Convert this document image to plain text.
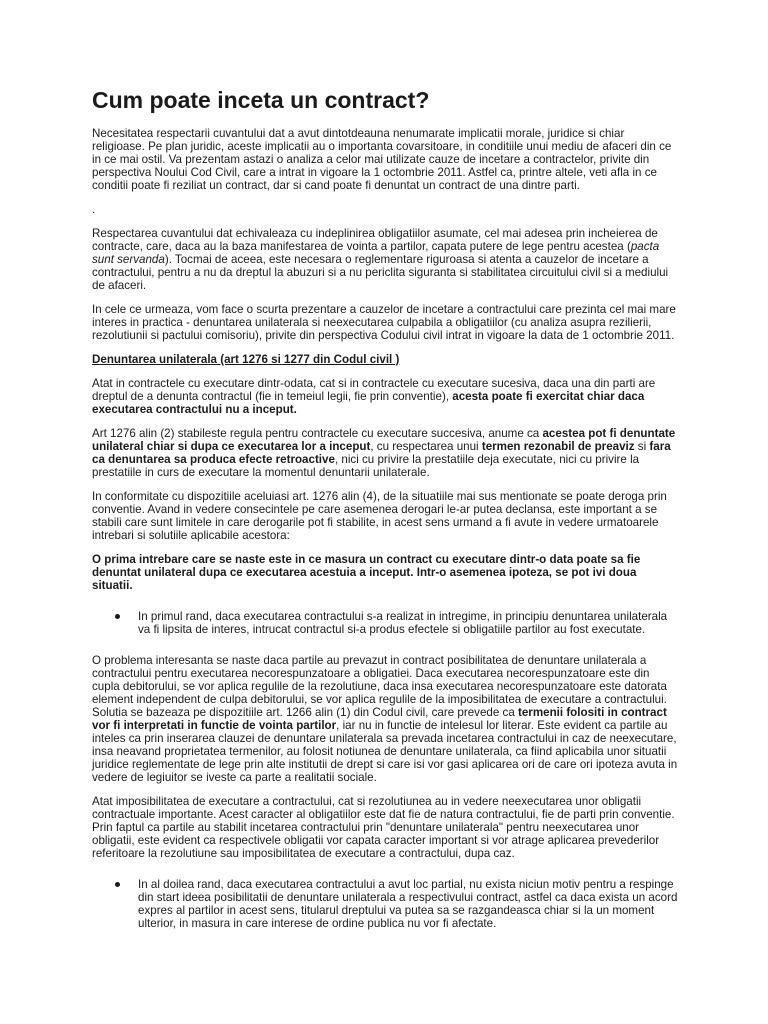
Cum poate inceta un contract?

Necesitatea respectarii cuvantului dat a avut dintotdeauna nenumarate implicatii morale, juridice si chiar religioase. Pe plan juridic, aceste implicatii au o importanta covarsitoare, in conditiile unui mediu de afaceri din ce in ce mai ostil. Va prezentam astazi o analiza a celor mai utilizate cauze de incetare a contractelor, privite din perspectiva Noului Cod Civil, care a intrat in vigoare la 1 octombrie 2011. Astfel ca, printre altele, veti afla in ce conditii poate fi reziliat un contract, dar si cand poate fi denuntat un contract de una dintre parti.

.

Respectarea cuvantului dat echivaleaza cu indeplinirea obligatiilor asumate, cel mai adesea prin incheierea de contracte, care, daca au la baza manifestarea de vointa a partilor, capata putere de lege pentru acestea (pacta sunt servanda). Tocmai de aceea, este necesara o reglementare riguroasa si atenta a cauzelor de incetare a contractului, pentru a nu da dreptul la abuzuri si a nu periclita siguranta si stabilitatea circuitului civil si a mediului de afaceri.

In cele ce urmeaza, vom face o scurta prezentare a cauzelor de incetare a contractului care prezinta cel mai mare interes in practica - denuntarea unilaterala si neexecutarea culpabila a obligatiilor (cu analiza asupra rezilierii, rezolutiunii si pactului comisoriu), privite din perspectiva Codului civil intrat in vigoare la data de 1 octombrie 2011.

Denuntarea unilaterala (art 1276 si 1277 din Codul civil )

Atat in contractele cu executare dintr-odata, cat si in contractele cu executare sucesiva, daca una din parti are dreptul de a denunta contractul (fie in temeiul legii, fie prin conventie), acesta poate fi exercitat chiar daca executarea contractului nu a inceput.

Art 1276 alin (2) stabileste regula pentru contractele cu executare succesiva, anume ca acestea pot fi denuntate unilateral chiar si dupa ce executarea lor a inceput, cu respectarea unui termen rezonabil de preaviz si fara ca denuntarea sa produca efecte retroactive, nici cu privire la prestatiile deja executate, nici cu privire la prestatiile in curs de executare la momentul denuntarii unilaterale.

In conformitate cu dispozitiile aceluiasi art. 1276 alin (4), de la situatiile mai sus mentionate se poate deroga prin conventie. Avand in vedere consecintele pe care asemenea derogari le-ar putea declansa, este important a se stabili care sunt limitele in care derogarile pot fi stabilite, in acest sens urmand a fi avute in vedere urmatoarele intrebari si solutiile aplicabile acestora:

O prima intrebare care se naste este in ce masura un contract cu executare dintr-o data poate sa fie denuntat unilateral dupa ce executarea acestuia a inceput. Intr-o asemenea ipoteza, se pot ivi doua situatii.

In primul rand, daca executarea contractului s-a realizat in intregime, in principiu denuntarea unilaterala va fi lipsita de interes, intrucat contractul si-a produs efectele si obligatiile partilor au fost executate.

O problema interesanta se naste daca partile au prevazut in contract posibilitatea de denuntare unilaterala a contractului pentru executarea necorespunzatoare a obligatiei. Daca executarea necorespunzatoare este din cupla debitorului, se vor aplica regulile de la rezolutiune, daca insa executarea necorespunzatoare este datorata element independent de culpa debitorului, se vor aplica regulile de la imposibilitatea de executare a contractului. Solutia se bazeaza pe dispozitiile art. 1266 alin (1) din Codul civil, care prevede ca termenii folositi in contract vor fi interpretati in functie de vointa partilor, iar nu in functie de intelesul lor literar. Este evident ca partile au inteles ca prin inserarea clauzei de denuntare unilaterala sa prevada incetarea contractului in caz de neexecutare, insa neavand proprietatea termenilor, au folosit notiunea de denuntare unilaterala, ca fiind aplicabila unor situatii juridice reglementate de lege prin alte institutii de drept si care isi vor gasi aplicarea ori de care ori ipoteza avuta in vedere de legiuitor se iveste ca parte a realitatii sociale.

Atat imposibilitatea de executare a contractului, cat si rezolutiunea au in vedere neexecutarea unor obligatii contractuale importante. Acest caracter al obligatiilor este dat fie de natura contractului, fie de parti prin conventie. Prin faptul ca partile au stabilit incetarea contractului prin "denuntare unilaterala" pentru neexecutarea unor obligatii, este evident ca respectivele obligatii vor capata caracter important si vor atrage aplicarea prevederilor referitoare la rezolutiune sau imposibilitatea de executare a contractului, dupa caz.

In al doilea rand, daca executarea contractului a avut loc partial, nu exista niciun motiv pentru a respinge din start ideea posibilitatii de denuntare unilaterala a respectivului contract, astfel ca daca exista un acord expres al partilor in acest sens, titularul dreptului va putea sa se razgandeasca chiar si la un moment ulterior, in masura in care interese de ordine publica nu vor fi afectate.
